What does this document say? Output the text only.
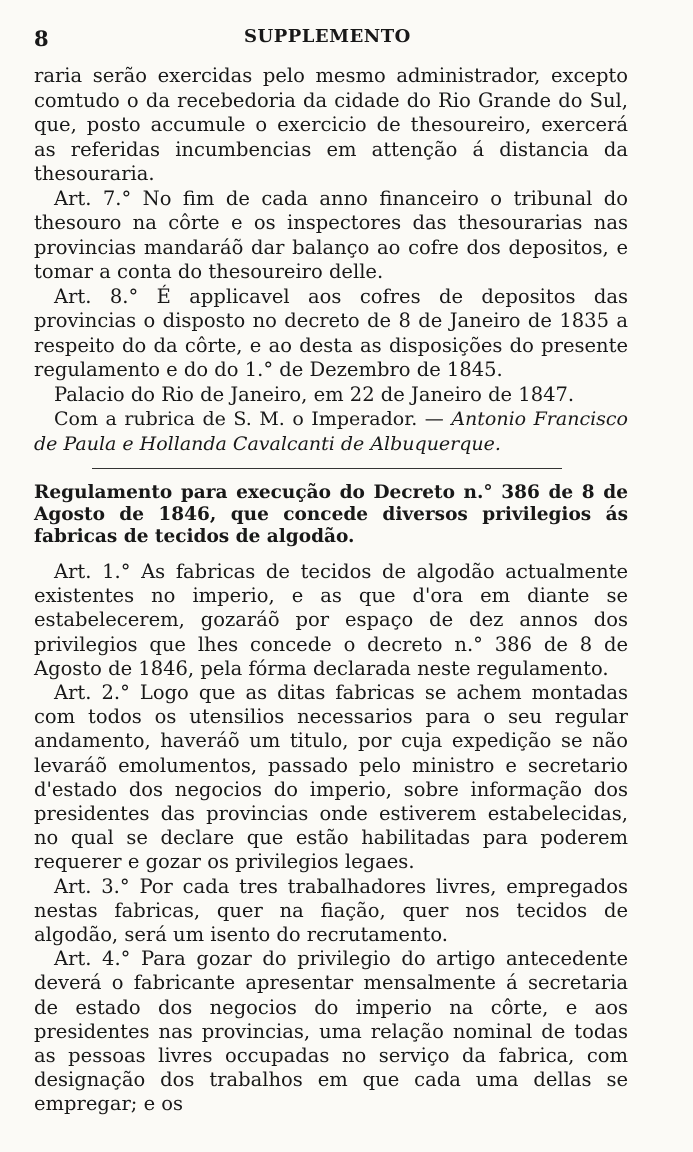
8	SUPPLEMENTO

raria serão exercidas pelo mesmo administrador, excepto comtudo o da recebedoria da cidade do Rio Grande do Sul, que, posto accumule o exercicio de thesoureiro, exercerá as referidas incumbencias em attenção á distancia da thesouraria.

Art. 7.° No fim de cada anno financeiro o tribunal do thesouro na côrte e os inspectores das thesourarias nas provincias mandaráõ dar balanço ao cofre dos depositos, e tomar a conta do thesoureiro delle.

Art. 8.° É applicavel aos cofres de depositos das provincias o disposto no decreto de 8 de Janeiro de 1835 a respeito do da côrte, e ao desta as disposições do presente regulamento e do do 1.° de Dezembro de 1845.

Palacio do Rio de Janeiro, em 22 de Janeiro de 1847.

Com a rubrica de S. M. o Imperador. — Antonio Francisco de Paula e Hollanda Cavalcanti de Albuquerque.

Regulamento para execução do Decreto n.° 386 de 8 de Agosto de 1846, que concede diversos privilegios ás fabricas de tecidos de algodão.

Art. 1.° As fabricas de tecidos de algodão actualmente existentes no imperio, e as que d'ora em diante se estabelecerem, gozaráõ por espaço de dez annos dos privilegios que lhes concede o decreto n.° 386 de 8 de Agosto de 1846, pela fórma declarada neste regulamento.

Art. 2.° Logo que as ditas fabricas se achem montadas com todos os utensilios necessarios para o seu regular andamento, haveráõ um titulo, por cuja expedição se não levaráõ emolumentos, passado pelo ministro e secretario d'estado dos negocios do imperio, sobre informação dos presidentes das provincias onde estiverem estabelecidas, no qual se declare que estão habilitadas para poderem requerer e gozar os privilegios legaes.

Art. 3.° Por cada tres trabalhadores livres, empregados nestas fabricas, quer na fiação, quer nos tecidos de algodão, será um isento do recrutamento.

Art. 4.° Para gozar do privilegio do artigo antecedente deverá o fabricante apresentar mensalmente á secretaria de estado dos negocios do imperio na côrte, e aos presidentes nas provincias, uma relação nominal de todas as pessoas livres occupadas no serviço da fabrica, com designação dos trabalhos em que cada uma dellas se empregar; e os
